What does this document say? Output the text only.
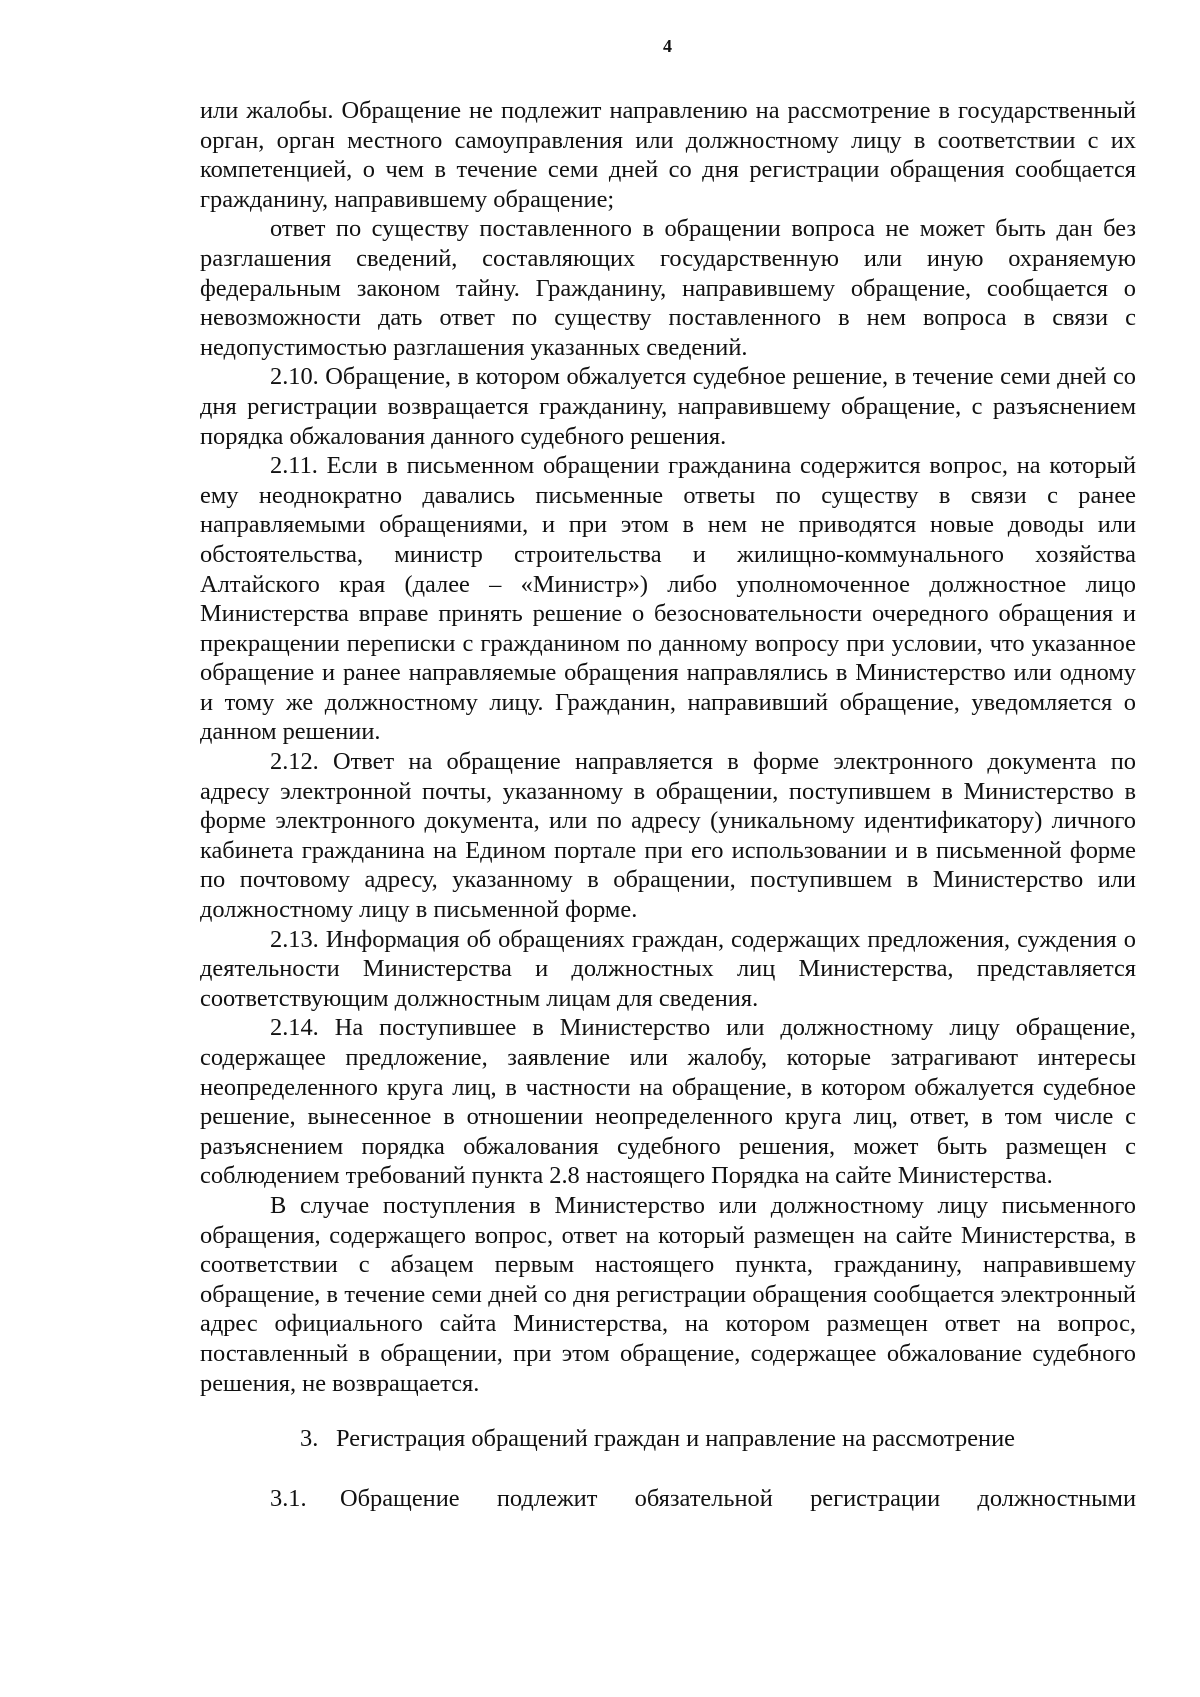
4

или жалобы. Обращение не подлежит направлению на рассмотрение в государственный орган, орган местного самоуправления или должностному лицу в соответствии с их компетенцией, о чем в течение семи дней со дня регистрации обращения сообщается гражданину, направившему обращение;

ответ по существу поставленного в обращении вопроса не может быть дан без разглашения сведений, составляющих государственную или иную охраняемую федеральным законом тайну. Гражданину, направившему обращение, сообщается о невозможности дать ответ по существу поставленного в нем вопроса в связи с недопустимостью разглашения указанных сведений.

2.10. Обращение, в котором обжалуется судебное решение, в течение семи дней со дня регистрации возвращается гражданину, направившему обращение, с разъяснением порядка обжалования данного судебного решения.

2.11. Если в письменном обращении гражданина содержится вопрос, на который ему неоднократно давались письменные ответы по существу в связи с ранее направляемыми обращениями, и при этом в нем не приводятся новые доводы или обстоятельства, министр строительства и жилищно-коммунального хозяйства Алтайского края (далее – «Министр») либо уполномоченное должностное лицо Министерства вправе принять решение о безосновательности очередного обращения и прекращении переписки с гражданином по данному вопросу при условии, что указанное обращение и ранее направляемые обращения направлялись в Министерство или одному и тому же должностному лицу. Гражданин, направивший обращение, уведомляется о данном решении.

2.12. Ответ на обращение направляется в форме электронного документа по адресу электронной почты, указанному в обращении, поступившем в Министерство в форме электронного документа, или по адресу (уникальному идентификатору) личного кабинета гражданина на Едином портале при его использовании и в письменной форме по почтовому адресу, указанному в обращении, поступившем в Министерство или должностному лицу в письменной форме.

2.13. Информация об обращениях граждан, содержащих предложения, суждения о деятельности Министерства и должностных лиц Министерства, представляется соответствующим должностным лицам для сведения.

2.14. На поступившее в Министерство или должностному лицу обращение, содержащее предложение, заявление или жалобу, которые затрагивают интересы неопределенного круга лиц, в частности на обращение, в котором обжалуется судебное решение, вынесенное в отношении неопределенного круга лиц, ответ, в том числе с разъяснением порядка обжалования судебного решения, может быть размещен с соблюдением требований пункта 2.8 настоящего Порядка на сайте Министерства.

В случае поступления в Министерство или должностному лицу письменного обращения, содержащего вопрос, ответ на который размещен на сайте Министерства, в соответствии с абзацем первым настоящего пункта, гражданину, направившему обращение, в течение семи дней со дня регистрации обращения сообщается электронный адрес официального сайта Министерства, на котором размещен ответ на вопрос, поставленный в обращении, при этом обращение, содержащее обжалование судебного решения, не возвращается.

3. Регистрация обращений граждан и направление на рассмотрение
3.1.	Обращение подлежит обязательной регистрации должностными
